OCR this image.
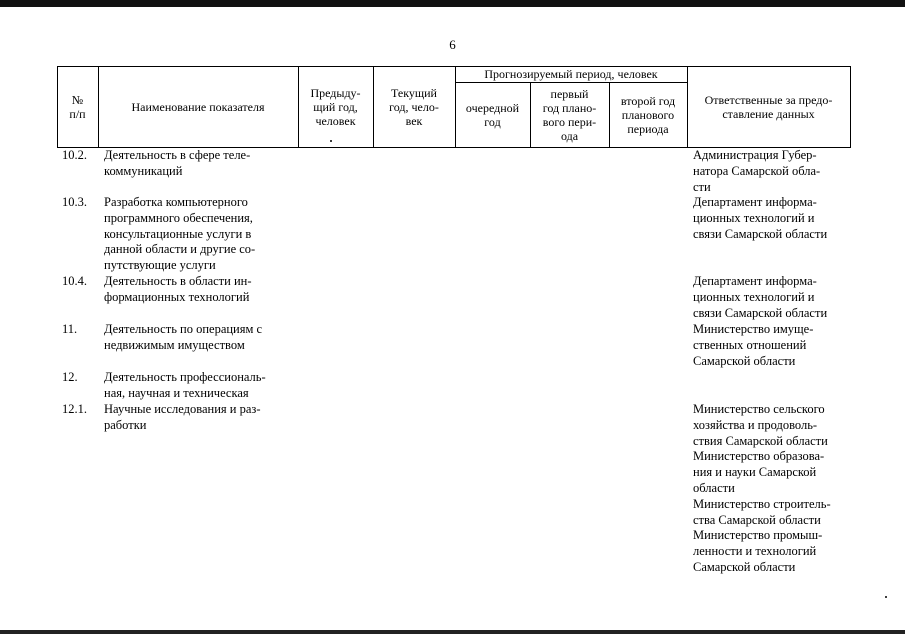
6
№
п/п	Наименование показателя
Предыду-
щий год,
человек
Текущий
год, чело-
век
Прогнозируемый период, человек
очередной
год
первый
год плано-
вого пери-
ода
второй год
планового
периода
Ответственные за предо-
ставление данных
10.2. Деятельность в сфере теле-
коммуникаций
Администрация Губер-
натора Самарской обла-
сти
10.3. Разработка компьютерного
программного обеспечения,
консультационные услуги в
данной области и другие со-
путствующие услуги
Департамент информа-
ционных технологий и
связи Самарской области
10.4. Деятельность в области ин-
формационных технологий
Департамент информа-
ционных технологий и
связи Самарской области
11. Деятельность по операциям с
недвижимым имуществом
Министерство имуще-
ственных отношений
Самарской области
12. Деятельность профессиональ-
ная, научная и техническая
12.1. Научные исследования и раз-
работки
Министерство сельского
хозяйства и продоволь-
ствия Самарской области
Министерство образова-
ния и науки Самарской
области
Министерство строитель-
ства Самарской области
Министерство промыш-
ленности и технологий
Самарской области
